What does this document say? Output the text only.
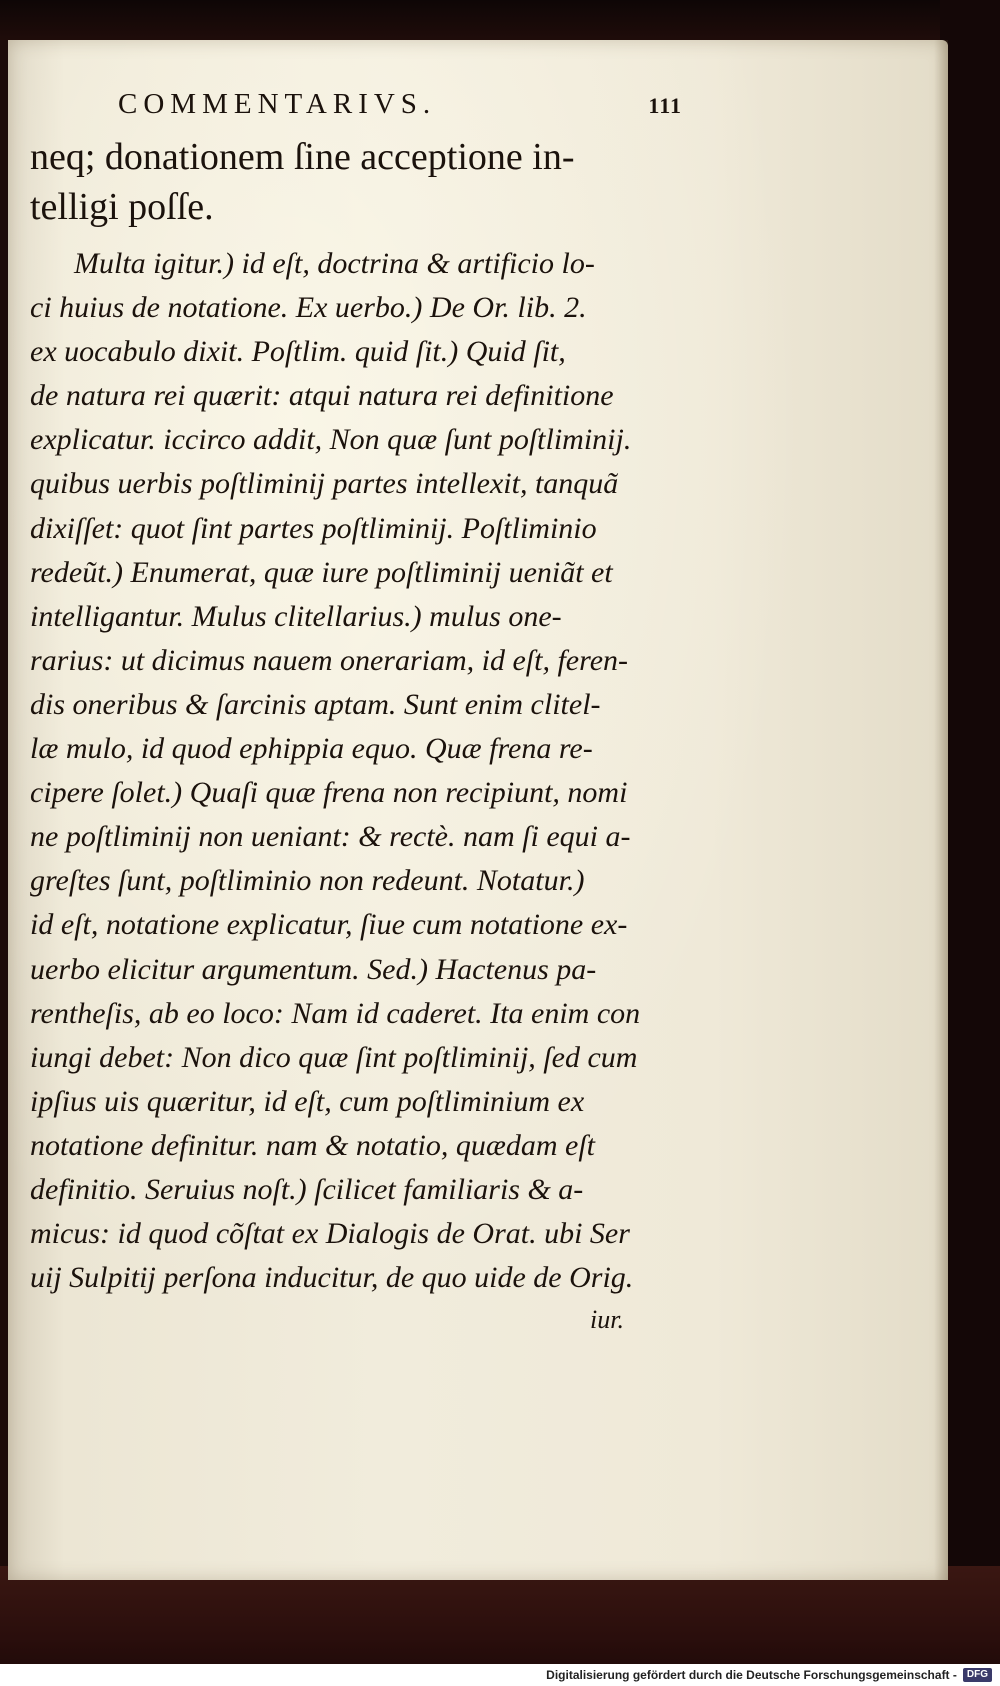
COMMENTARIVS.	111

neq; donationem ſine acceptione in-

telligi poſſe.

Multa igitur.) id eſt, doctrina & artificio lo-
ci huius de notatione. Ex uerbo.) De Or. lib. 2.
ex uocabulo dixit. Poſtlim. quid ſit.) Quid ſit,
de natura rei quærit: atqui natura rei definitione
explicatur. iccirco addit, Non quæ ſunt poſtliminij.
quibus uerbis poſtliminij partes intellexit, tanquã
dixiſſet: quot ſint partes poſtliminij. Poſtliminio
redeũt.) Enumerat, quæ iure poſtliminij ueniãt et
intelligantur. Mulus clitellarius.) mulus one-
rarius: ut dicimus nauem onerariam, id eſt, feren-
dis oneribus & ſarcinis aptam. Sunt enim clitel-
læ mulo, id quod ephippia equo. Quæ frena re-
cipere ſolet.) Quaſi quæ frena non recipiunt, nomi
ne poſtliminij non ueniant: & rectè. nam ſi equi a-
greſtes ſunt, poſtliminio non redeunt. Notatur.)
id eſt, notatione explicatur, ſiue cum notatione ex-
uerbo elicitur argumentum. Sed.) Hactenus pa-
rentheſis, ab eo loco: Nam id caderet. Ita enim con
iungi debet: Non dico quæ ſint poſtliminij, ſed cum
ipſius uis quæritur, id eſt, cum poſtliminium ex
notatione definitur. nam & notatio, quædam eſt
definitio. Seruius noſt.) ſcilicet familiaris & a-
micus: id quod cõſtat ex Dialogis de Orat. ubi Ser
uij Sulpitij perſona inducitur, de quo uide de Orig.
iur.
Digitalisierung gefördert durch die Deutsche Forschungsgemeinschaft -	DFG
